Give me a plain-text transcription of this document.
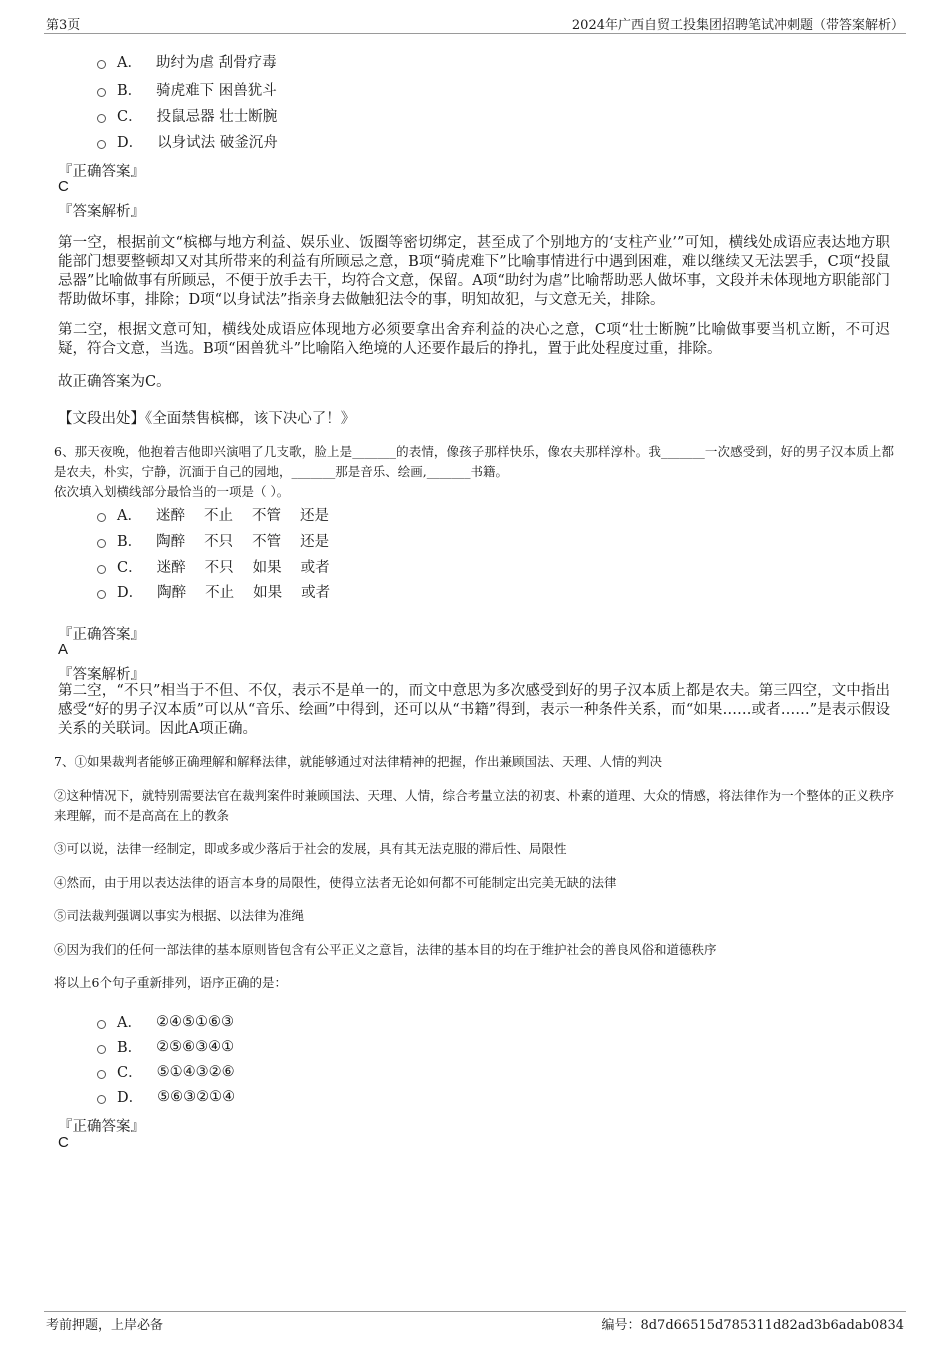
第3页	2024年广西自贸工投集团招聘笔试冲刺题（带答案解析）
A． 助纣为虐 刮骨疗毒
B． 骑虎难下 困兽犹斗
C． 投鼠忌器 壮士断腕
D． 以身试法 破釜沉舟
『正确答案』
C
『答案解析』
第一空，根据前文“槟榔与地方利益、娱乐业、饭圈等密切绑定，甚至成了个别地方的‘支柱产业’”可知，横线处成语应表达地方职能部门想要整顿却又对其所带来的利益有所顾忌之意，B项“骑虎难下”比喻事情进行中遇到困难，难以继续又无法罢手，C项“投鼠忌器”比喻做事有所顾忌，不便于放手去干，均符合文意，保留。A项“助纣为虐”比喻帮助恶人做坏事，文段并未体现地方职能部门帮助做坏事，排除；D项“以身试法”指亲身去做触犯法令的事，明知故犯，与文意无关，排除。
第二空，根据文意可知，横线处成语应体现地方必须要拿出舍弃利益的决心之意，C项“壮士断腕”比喻做事要当机立断，不可迟疑，符合文意，当选。B项“困兽犹斗”比喻陷入绝境的人还要作最后的挣扎，置于此处程度过重，排除。
故正确答案为C。
【文段出处】《全面禁售槟榔，该下决心了！》
6、那天夜晚，他抱着吉他即兴演唱了几支歌，脸上是_______的表情，像孩子那样快乐，像农夫那样淳朴。我_______一次感受到，好的男子汉本质上都是农夫，朴实，宁静，沉湎于自己的园地，_______那是音乐、绘画,_______书籍。
依次填入划横线部分最恰当的一项是（ ）。
A． 迷醉 不止 不管 还是
B． 陶醉 不只 不管 还是
C． 迷醉 不只 如果 或者
D． 陶醉 不止 如果 或者
『正确答案』
A
『答案解析』
第二空，“不只”相当于不但、不仅，表示不是单一的，而文中意思为多次感受到好的男子汉本质上都是农夫。第三四空，文中指出感受“好的男子汉本质”可以从“音乐、绘画”中得到，还可以从“书籍”得到，表示一种条件关系，而“如果……或者……”是表示假设关系的关联词。因此A项正确。
7、①如果裁判者能够正确理解和解释法律，就能够通过对法律精神的把握，作出兼顾国法、天理、人情的判决
②这种情况下，就特别需要法官在裁判案件时兼顾国法、天理、人情，综合考量立法的初衷、朴素的道理、大众的情感，将法律作为一个整体的正义秩序来理解，而不是高高在上的教条
③可以说，法律一经制定，即或多或少落后于社会的发展，具有其无法克服的滞后性、局限性
④然而，由于用以表达法律的语言本身的局限性，使得立法者无论如何都不可能制定出完美无缺的法律
⑤司法裁判强调以事实为根据、以法律为准绳
⑥因为我们的任何一部法律的基本原则皆包含有公平正义之意旨，法律的基本目的均在于维护社会的善良风俗和道德秩序
将以上6个句子重新排列，语序正确的是：
A． ②④⑤①⑥③
B． ②⑤⑥③④①
C． ⑤①④③②⑥
D． ⑤⑥③②①④
『正确答案』
C
考前押题，上岸必备	编号：8d7d66515d785311d82ad3b6adab0834
